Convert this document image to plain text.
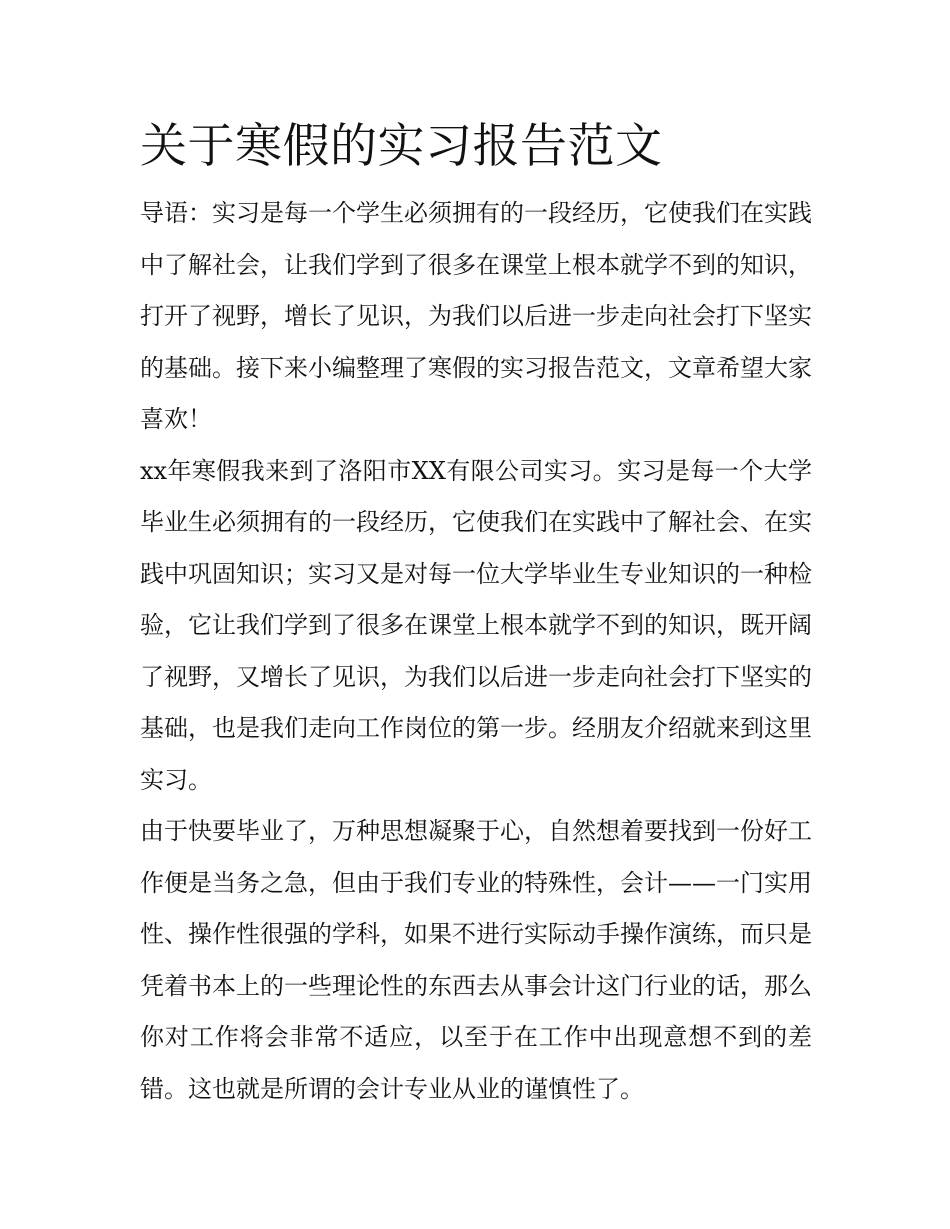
关于寒假的实习报告范文

导语：实习是每一个学生必须拥有的一段经历，它使我们在实践中了解社会，让我们学到了很多在课堂上根本就学不到的知识，打开了视野，增长了见识，为我们以后进一步走向社会打下坚实的基础。接下来小编整理了寒假的实习报告范文，文章希望大家喜欢！

xx年寒假我来到了洛阳市XX有限公司实习。实习是每一个大学毕业生必须拥有的一段经历，它使我们在实践中了解社会、在实践中巩固知识；实习又是对每一位大学毕业生专业知识的一种检验，它让我们学到了很多在课堂上根本就学不到的知识，既开阔了视野，又增长了见识，为我们以后进一步走向社会打下坚实的基础，也是我们走向工作岗位的第一步。经朋友介绍就来到这里实习。

由于快要毕业了，万种思想凝聚于心，自然想着要找到一份好工作便是当务之急，但由于我们专业的特殊性，会计——一门实用性、操作性很强的学科，如果不进行实际动手操作演练，而只是凭着书本上的一些理论性的东西去从事会计这门行业的话，那么你对工作将会非常不适应，以至于在工作中出现意想不到的差错。这也就是所谓的会计专业从业的谨慎性了。
